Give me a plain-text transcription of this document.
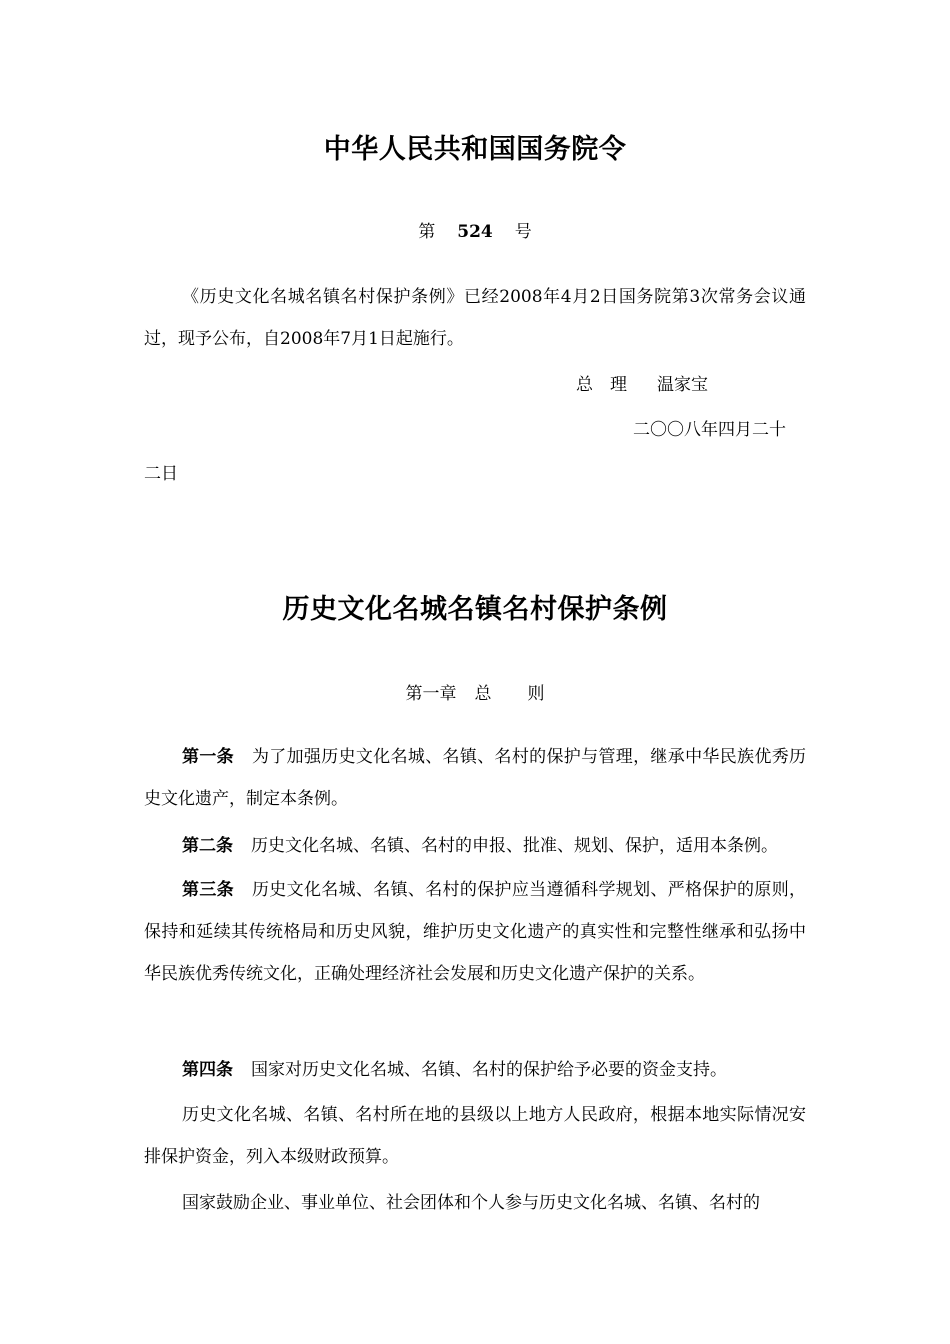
中华人民共和国国务院令
第 524 号
《历史文化名城名镇名村保护条例》已经2008年4月2日国务院第3次常务会议通过，现予公布，自2008年7月1日起施行。
总　理 温家宝
二〇〇八年四月二十
二日
历史文化名城名镇名村保护条例
第一章 总 则
第一条 为了加强历史文化名城、名镇、名村的保护与管理，继承中华民族优秀历史文化遗产，制定本条例。
第二条 历史文化名城、名镇、名村的申报、批准、规划、保护，适用本条例。
第三条 历史文化名城、名镇、名村的保护应当遵循科学规划、严格保护的原则，保持和延续其传统格局和历史风貌，维护历史文化遗产的真实性和完整性继承和弘扬中华民族优秀传统文化，正确处理经济社会发展和历史文化遗产保护的关系。
第四条 国家对历史文化名城、名镇、名村的保护给予必要的资金支持。
历史文化名城、名镇、名村所在地的县级以上地方人民政府，根据本地实际情况安排保护资金，列入本级财政预算。
国家鼓励企业、事业单位、社会团体和个人参与历史文化名城、名镇、名村的
